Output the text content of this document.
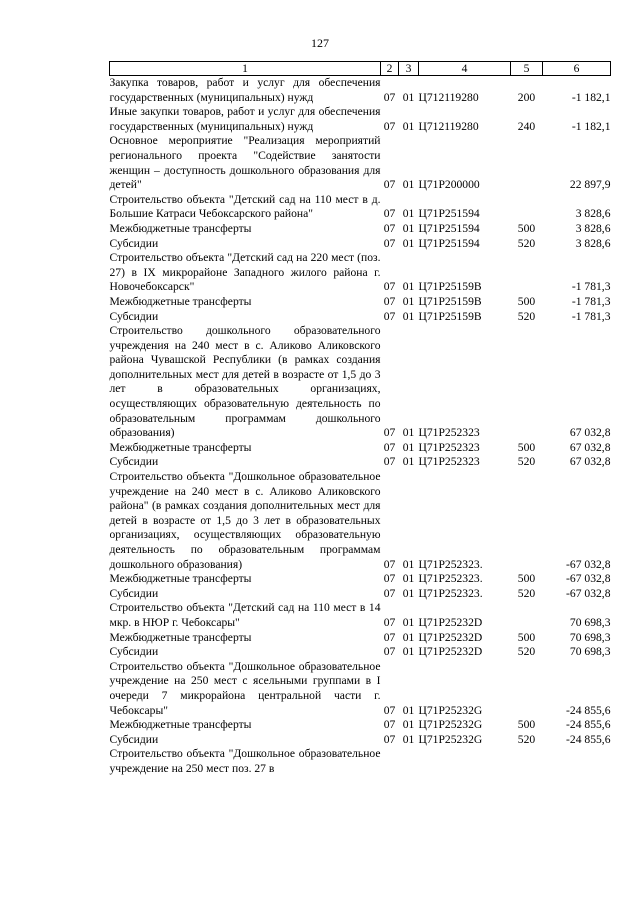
127
1	2	3	4	5	6
Закупка товаров, работ и услуг для обеспечения государственных (муниципальных) нужд	07	01	Ц712119280	200	-1 182,1
Иные закупки товаров, работ и услуг для обеспечения государственных (муниципальных) нужд	07	01	Ц712119280	240	-1 182,1
Основное мероприятие "Реализация мероприятий регионального проекта "Содействие занятости женщин – доступность дошкольного образования для детей"	07	01	Ц71Р200000		22 897,9
Строительство объекта "Детский сад на 110 мест в д. Большие Катраси Чебоксарского района"	07	01	Ц71Р251594		3 828,6
Межбюджетные трансферты	07	01	Ц71Р251594	500	3 828,6
Субсидии	07	01	Ц71Р251594	520	3 828,6
Строительство объекта "Детский сад на 220 мест (поз. 27) в IX микрорайоне Западного жилого района г. Новочебоксарск"	07	01	Ц71Р25159В		-1 781,3
Межбюджетные трансферты	07	01	Ц71Р25159В	500	-1 781,3
Субсидии	07	01	Ц71Р25159В	520	-1 781,3
Строительство дошкольного образовательного учреждения на 240 мест в с. Аликово Аликовского района Чувашской Республики (в рамках создания дополнительных мест для детей в возрасте от 1,5 до 3 лет в образовательных организациях, осуществляющих образовательную деятельность по образовательным программам дошкольного образования)	07	01	Ц71Р252323		67 032,8
Межбюджетные трансферты	07	01	Ц71Р252323	500	67 032,8
Субсидии	07	01	Ц71Р252323	520	67 032,8
Строительство объекта "Дошкольное образовательное учреждение на 240 мест в с. Аликово Аликовского района" (в рамках создания дополнительных мест для детей в возрасте от 1,5 до 3 лет в образовательных организациях, осуществляющих образовательную деятельность по образовательным программам дошкольного образования)	07	01	Ц71Р252323.		-67 032,8
Межбюджетные трансферты	07	01	Ц71Р252323.	500	-67 032,8
Субсидии	07	01	Ц71Р252323.	520	-67 032,8
Строительство объекта "Детский сад на 110 мест в 14 мкр. в НЮР г. Чебоксары"	07	01	Ц71Р25232D		70 698,3
Межбюджетные трансферты	07	01	Ц71Р25232D	500	70 698,3
Субсидии	07	01	Ц71Р25232D	520	70 698,3
Строительство объекта "Дошкольное образовательное учреждение на 250 мест с ясельными группами в I очереди 7 микрорайона центральной части г. Чебоксары"	07	01	Ц71Р25232G		-24 855,6
Межбюджетные трансферты	07	01	Ц71Р25232G	500	-24 855,6
Субсидии	07	01	Ц71Р25232G	520	-24 855,6
Строительство объекта "Дошкольное образовательное учреждение на 250 мест поз. 27 в					
